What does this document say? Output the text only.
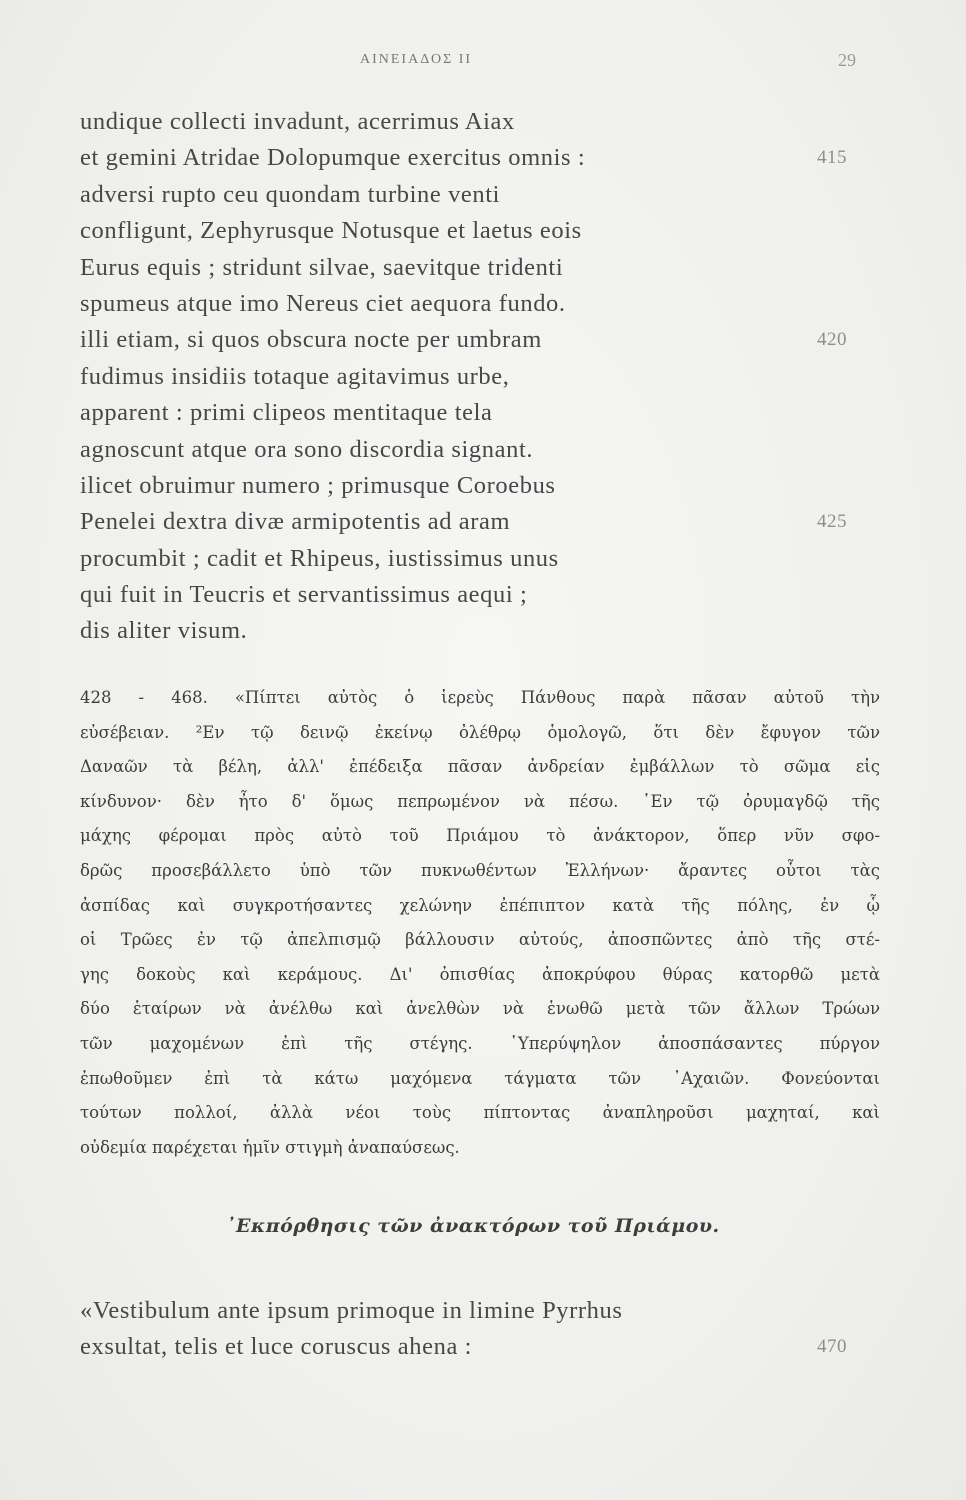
ΑΙΝΕΙΑΔΟΣ II	29
undique collecti invadunt, acerrimus Aiax
et gemini Atridae Dolopumque exercitus omnis :	415
adversi rupto ceu quondam turbine venti
confligunt, Zephyrusque Notusque et laetus eois
Eurus equis ; stridunt silvae, saevitque tridenti
spumeus atque imo Nereus ciet aequora fundo.
illi etiam, si quos obscura nocte per umbram	420
fudimus insidiis totaque agitavimus urbe,
apparent : primi clipeos mentitaque tela
agnoscunt atque ora sono discordia signant.
ilicet obruimur numero ; primusque Coroebus
Penelei dextra divæ armipotentis ad aram	425
procumbit ; cadit et Rhipeus, iustissimus unus
qui fuit in Teucris et servantissimus aequi ;
dis aliter visum.
428 - 468. «Πίπτει αὐτὸς ὁ ἱερεὺς Πάνθους παρὰ πᾶσαν αὐτοῦ τὴν
εὐσέβειαν. ²Εν τῷ δεινῷ ἐκείνῳ ὀλέθρῳ ὁμολογῶ, ὅτι δὲν ἔφυγον τῶν
Δαναῶν τὰ βέλη, ἀλλ' ἐπέδειξα πᾶσαν ἀνδρείαν ἐμβάλλων τὸ σῶμα εἰς
κίνδυνον· δὲν ἦτο δ' ὅμως πεπρωμένον νὰ πέσω. ᾽Εν τῷ ὀρυμαγδῷ τῆς
μάχης φέρομαι πρὸς αὐτὸ τοῦ Πριάμου τὸ ἀνάκτορον, ὅπερ νῦν σφο-
δρῶς προσεβάλλετο ὑπὸ τῶν πυκνωθέντων Ἑλλήνων· ἄραντες οὗτοι τὰς
ἀσπίδας καὶ συγκροτήσαντες χελώνην ἐπέπιπτον κατὰ τῆς πόλης, ἐν ᾧ
οἱ Τρῶες ἐν τῷ ἀπελπισμῷ βάλλουσιν αὐτούς, ἀποσπῶντες ἀπὸ τῆς στέ-
γης δοκοὺς καὶ κεράμους. Δι' ὀπισθίας ἀποκρύφου θύρας κατορθῶ μετὰ
δύο ἑταίρων νὰ ἀνέλθω καὶ ἀνελθὼν νὰ ἑνωθῶ μετὰ τῶν ἄλλων Τρώων
τῶν μαχομένων ἐπὶ τῆς στέγης. ῾Υπερύψηλον ἀποσπάσαντες πύργον
ἐπωθοῦμεν ἐπὶ τὰ κάτω μαχόμενα τάγματα τῶν ᾽Αχαιῶν. Φονεύονται
τούτων πολλοί, ἀλλὰ νέοι τοὺς πίπτοντας ἀναπληροῦσι μαχηταί, καὶ
οὐδεμία παρέχεται ἡμῖν στιγμὴ ἀναπαύσεως.
᾽Εκπόρθησις τῶν ἀνακτόρων τοῦ Πριάμου.
«Vestibulum ante ipsum primoque in limine Pyrrhus
exsultat, telis et luce coruscus ahena :	470
